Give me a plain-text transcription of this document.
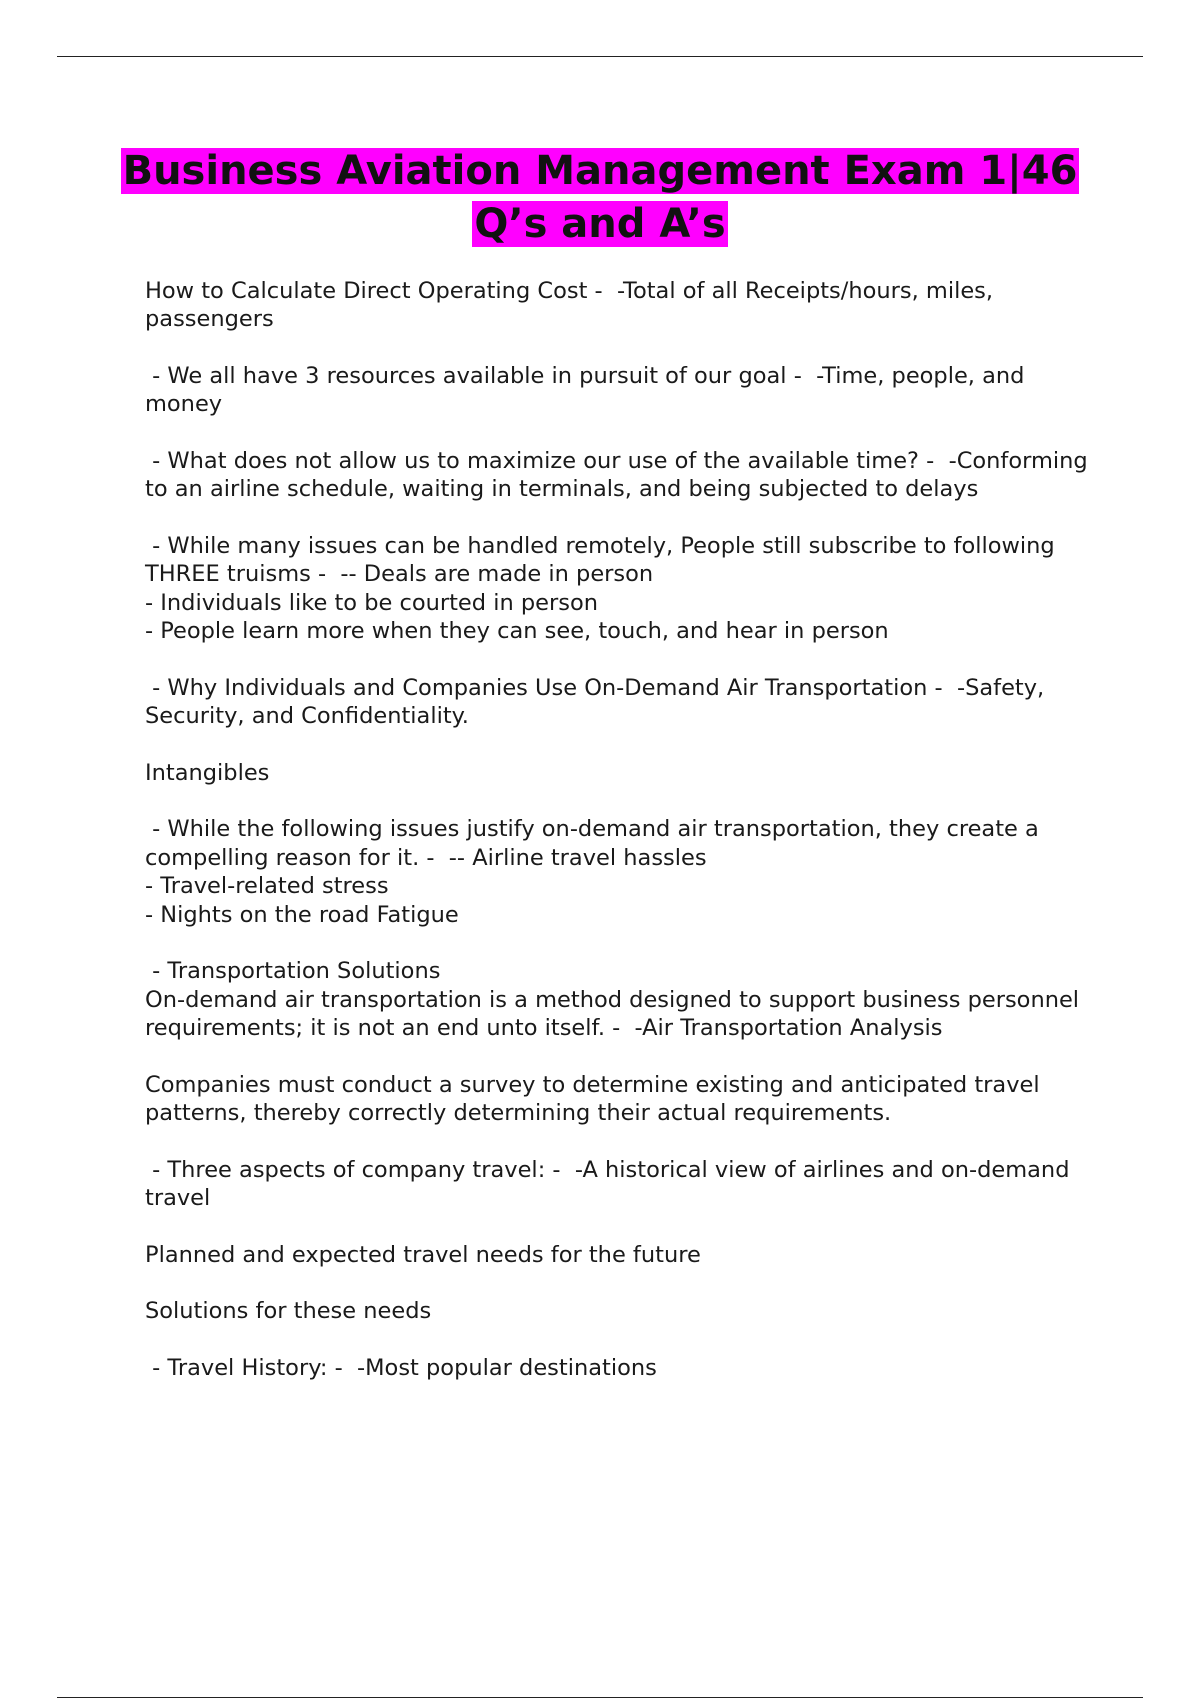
Business Aviation Management Exam 1|46 Q’s and A’s

How to Calculate Direct Operating Cost -  -Total of all Receipts/hours, miles, passengers

- We all have 3 resources available in pursuit of our goal -  -Time, people, and money

- What does not allow us to maximize our use of the available time? -  -Conforming to an airline schedule, waiting in terminals, and being subjected to delays

- While many issues can be handled remotely, People still subscribe to following THREE truisms -  -- Deals are made in person
- Individuals like to be courted in person
- People learn more when they can see, touch, and hear in person

- Why Individuals and Companies Use On-Demand Air Transportation -  -Safety, Security, and Confidentiality.

Intangibles

- While the following issues justify on-demand air transportation, they create a compelling reason for it. -  -- Airline travel hassles
- Travel-related stress
- Nights on the road Fatigue

- Transportation Solutions
On-demand air transportation is a method designed to support business personnel requirements; it is not an end unto itself. -  -Air Transportation Analysis

Companies must conduct a survey to determine existing and anticipated travel patterns, thereby correctly determining their actual requirements.

- Three aspects of company travel: -  -A historical view of airlines and on-demand travel

Planned and expected travel needs for the future

Solutions for these needs

- Travel History: -  -Most popular destinations
